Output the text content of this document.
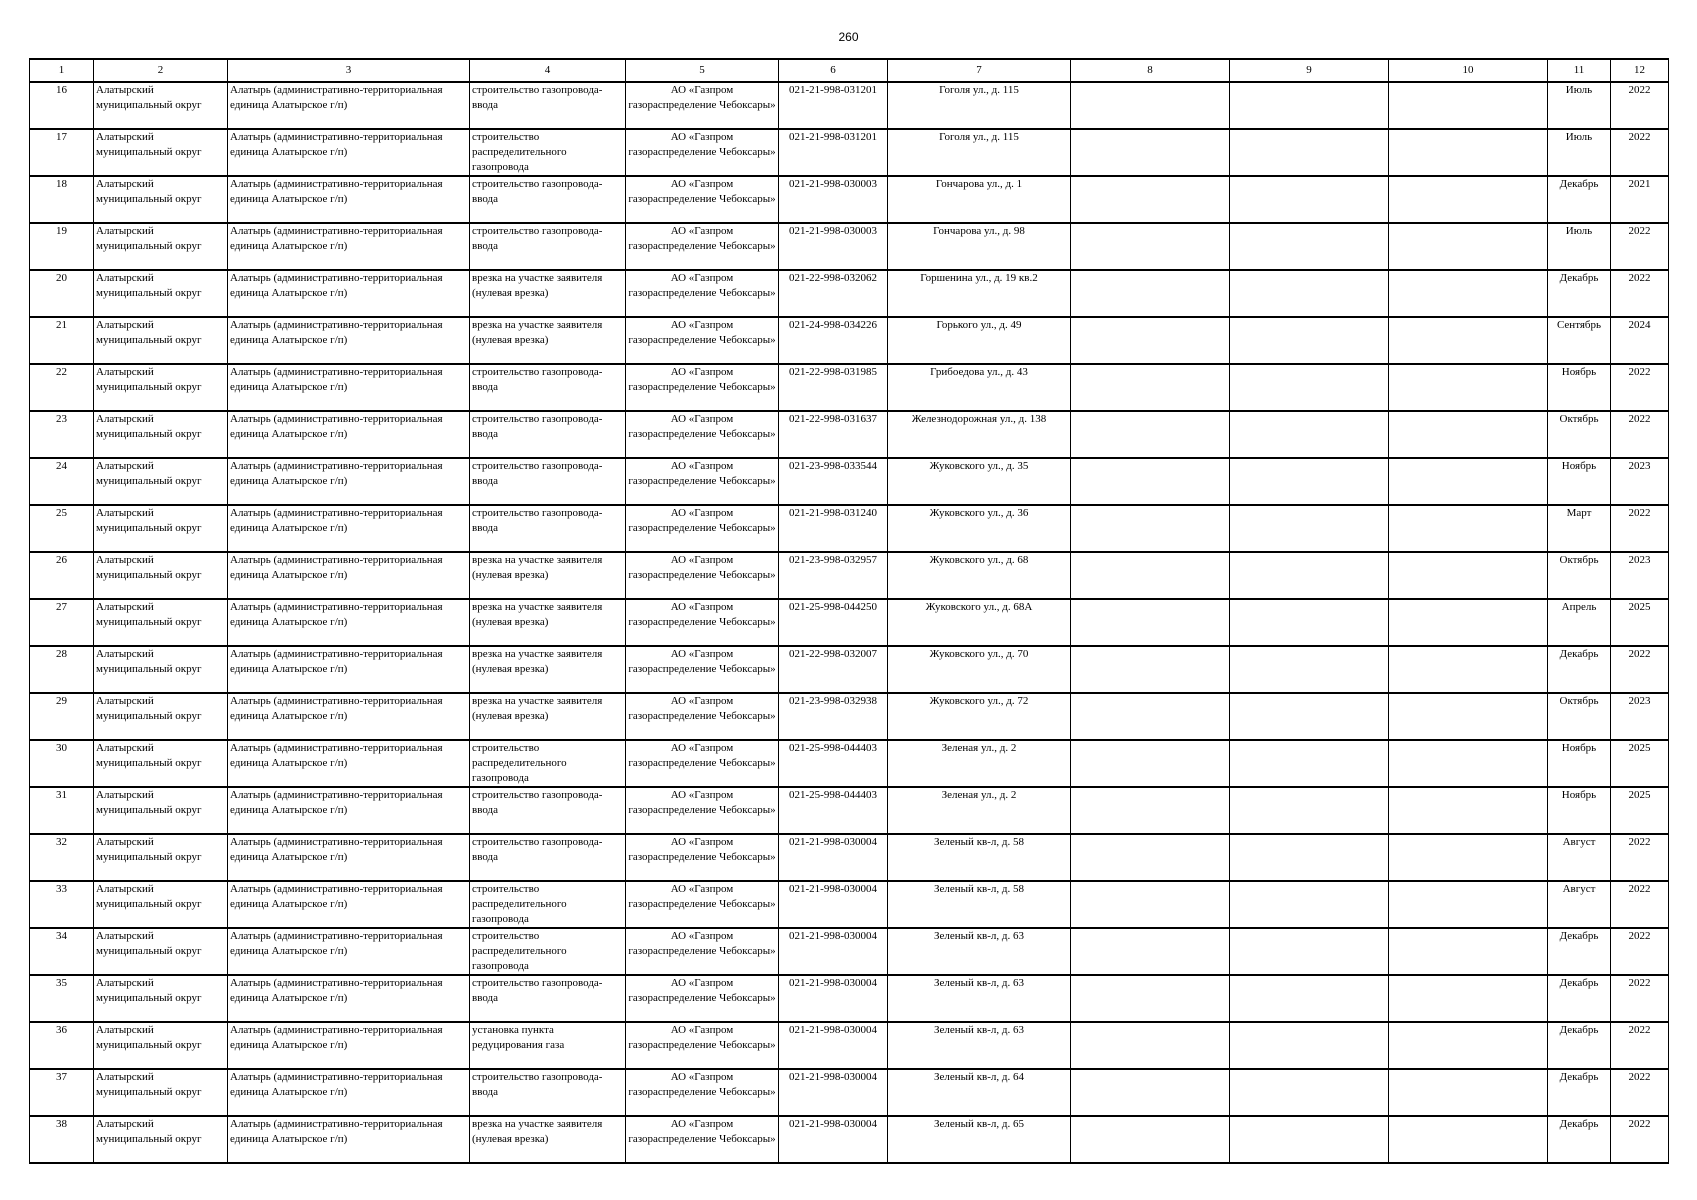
260
1	2	3	4	5	6	7	8	9	10	11	12

16	Алатырский муниципальный округ	Алатырь (административно-территориальная единица Алатырское г/п)	строительство газопровода-ввода	АО «Газпром газораспределение Чебоксары»	021-21-998-031201	Гоголя ул., д. 115				Июль	2022

17	Алатырский муниципальный округ	Алатырь (административно-территориальная единица Алатырское г/п)	строительство распределительного газопровода	АО «Газпром газораспределение Чебоксары»	021-21-998-031201	Гоголя ул., д. 115				Июль	2022

18	Алатырский муниципальный округ	Алатырь (административно-территориальная единица Алатырское г/п)	строительство газопровода-ввода	АО «Газпром газораспределение Чебоксары»	021-21-998-030003	Гончарова ул., д. 1				Декабрь	2021

19	Алатырский муниципальный округ	Алатырь (административно-территориальная единица Алатырское г/п)	строительство газопровода-ввода	АО «Газпром газораспределение Чебоксары»	021-21-998-030003	Гончарова ул., д. 98				Июль	2022

20	Алатырский муниципальный округ	Алатырь (административно-территориальная единица Алатырское г/п)	врезка на участке заявителя (нулевая врезка)	АО «Газпром газораспределение Чебоксары»	021-22-998-032062	Горшенина ул., д. 19 кв.2				Декабрь	2022

21	Алатырский муниципальный округ	Алатырь (административно-территориальная единица Алатырское г/п)	врезка на участке заявителя (нулевая врезка)	АО «Газпром газораспределение Чебоксары»	021-24-998-034226	Горького ул., д. 49				Сентябрь	2024

22	Алатырский муниципальный округ	Алатырь (административно-территориальная единица Алатырское г/п)	строительство газопровода-ввода	АО «Газпром газораспределение Чебоксары»	021-22-998-031985	Грибоедова ул., д. 43				Ноябрь	2022

23	Алатырский муниципальный округ	Алатырь (административно-территориальная единица Алатырское г/п)	строительство газопровода-ввода	АО «Газпром газораспределение Чебоксары»	021-22-998-031637	Железнодорожная ул., д. 138				Октябрь	2022

24	Алатырский муниципальный округ	Алатырь (административно-территориальная единица Алатырское г/п)	строительство газопровода-ввода	АО «Газпром газораспределение Чебоксары»	021-23-998-033544	Жуковского ул., д. 35				Ноябрь	2023

25	Алатырский муниципальный округ	Алатырь (административно-территориальная единица Алатырское г/п)	строительство газопровода-ввода	АО «Газпром газораспределение Чебоксары»	021-21-998-031240	Жуковского ул., д. 36				Март	2022

26	Алатырский муниципальный округ	Алатырь (административно-территориальная единица Алатырское г/п)	врезка на участке заявителя (нулевая врезка)	АО «Газпром газораспределение Чебоксары»	021-23-998-032957	Жуковского ул., д. 68				Октябрь	2023

27	Алатырский муниципальный округ	Алатырь (административно-территориальная единица Алатырское г/п)	врезка на участке заявителя (нулевая врезка)	АО «Газпром газораспределение Чебоксары»	021-25-998-044250	Жуковского ул., д. 68А				Апрель	2025

28	Алатырский муниципальный округ	Алатырь (административно-территориальная единица Алатырское г/п)	врезка на участке заявителя (нулевая врезка)	АО «Газпром газораспределение Чебоксары»	021-22-998-032007	Жуковского ул., д. 70				Декабрь	2022

29	Алатырский муниципальный округ	Алатырь (административно-территориальная единица Алатырское г/п)	врезка на участке заявителя (нулевая врезка)	АО «Газпром газораспределение Чебоксары»	021-23-998-032938	Жуковского ул., д. 72				Октябрь	2023

30	Алатырский муниципальный округ	Алатырь (административно-территориальная единица Алатырское г/п)	строительство распределительного газопровода	АО «Газпром газораспределение Чебоксары»	021-25-998-044403	Зеленая ул., д. 2				Ноябрь	2025

31	Алатырский муниципальный округ	Алатырь (административно-территориальная единица Алатырское г/п)	строительство газопровода-ввода	АО «Газпром газораспределение Чебоксары»	021-25-998-044403	Зеленая ул., д. 2				Ноябрь	2025

32	Алатырский муниципальный округ	Алатырь (административно-территориальная единица Алатырское г/п)	строительство газопровода-ввода	АО «Газпром газораспределение Чебоксары»	021-21-998-030004	Зеленый кв-л, д. 58				Август	2022

33	Алатырский муниципальный округ	Алатырь (административно-территориальная единица Алатырское г/п)	строительство распределительного газопровода	АО «Газпром газораспределение Чебоксары»	021-21-998-030004	Зеленый кв-л, д. 58				Август	2022

34	Алатырский муниципальный округ	Алатырь (административно-территориальная единица Алатырское г/п)	строительство распределительного газопровода	АО «Газпром газораспределение Чебоксары»	021-21-998-030004	Зеленый кв-л, д. 63				Декабрь	2022

35	Алатырский муниципальный округ	Алатырь (административно-территориальная единица Алатырское г/п)	строительство газопровода-ввода	АО «Газпром газораспределение Чебоксары»	021-21-998-030004	Зеленый кв-л, д. 63				Декабрь	2022

36	Алатырский муниципальный округ	Алатырь (административно-территориальная единица Алатырское г/п)	установка пункта редуцирования газа	АО «Газпром газораспределение Чебоксары»	021-21-998-030004	Зеленый кв-л, д. 63				Декабрь	2022

37	Алатырский муниципальный округ	Алатырь (административно-территориальная единица Алатырское г/п)	строительство газопровода-ввода	АО «Газпром газораспределение Чебоксары»	021-21-998-030004	Зеленый кв-л, д. 64				Декабрь	2022

38	Алатырский муниципальный округ	Алатырь (административно-территориальная единица Алатырское г/п)	врезка на участке заявителя (нулевая врезка)	АО «Газпром газораспределение Чебоксары»	021-21-998-030004	Зеленый кв-л, д. 65				Декабрь	2022
